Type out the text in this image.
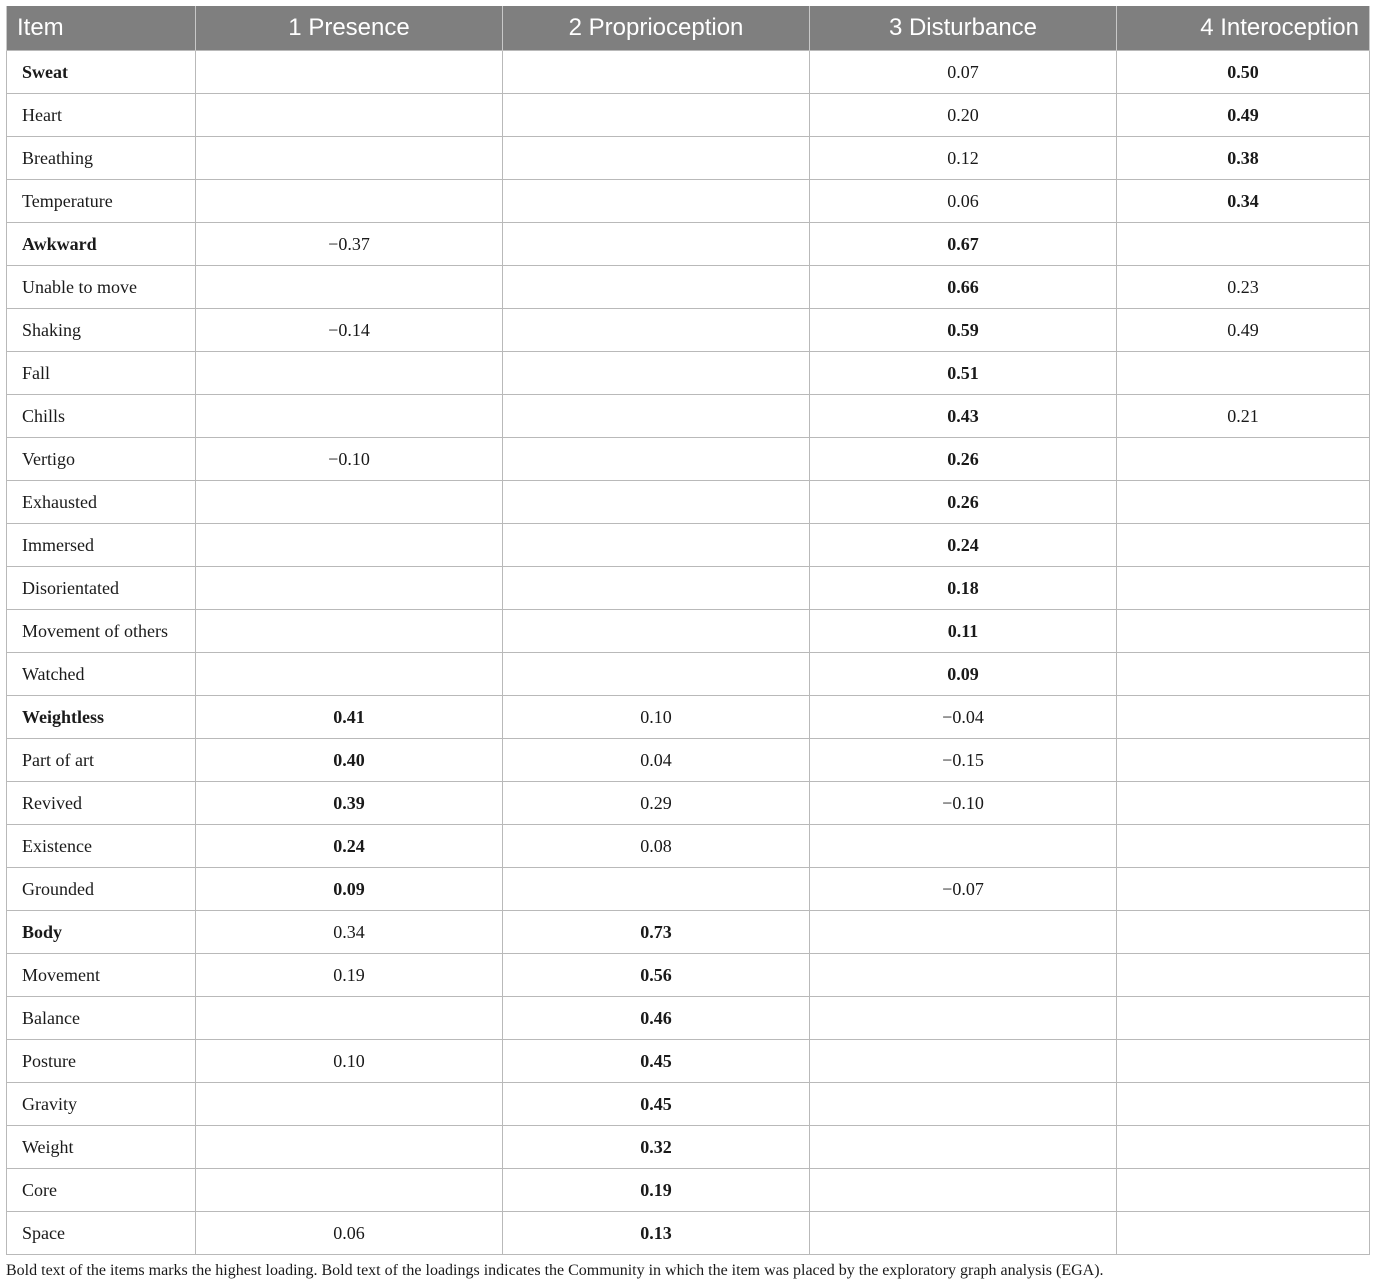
Item	1 Presence	2 Proprioception	3 Disturbance	4 Interoception
Sweat			0.07	0.50
Heart			0.20	0.49
Breathing			0.12	0.38
Temperature			0.06	0.34
Awkward	−0.37		0.67	
Unable to move			0.66	0.23
Shaking	−0.14		0.59	0.49
Fall			0.51	
Chills			0.43	0.21
Vertigo	−0.10		0.26	
Exhausted			0.26	
Immersed			0.24	
Disorientated			0.18	
Movement of others			0.11	
Watched			0.09	
Weightless	0.41	0.10	−0.04	
Part of art	0.40	0.04	−0.15	
Revived	0.39	0.29	−0.10	
Existence	0.24	0.08		
Grounded	0.09		−0.07	
Body	0.34	0.73		
Movement	0.19	0.56		
Balance		0.46		
Posture	0.10	0.45		
Gravity		0.45		
Weight		0.32		
Core		0.19		
Space	0.06	0.13		
Bold text of the items marks the highest loading. Bold text of the loadings indicates the Community in which the item was placed by the exploratory graph analysis (EGA).
